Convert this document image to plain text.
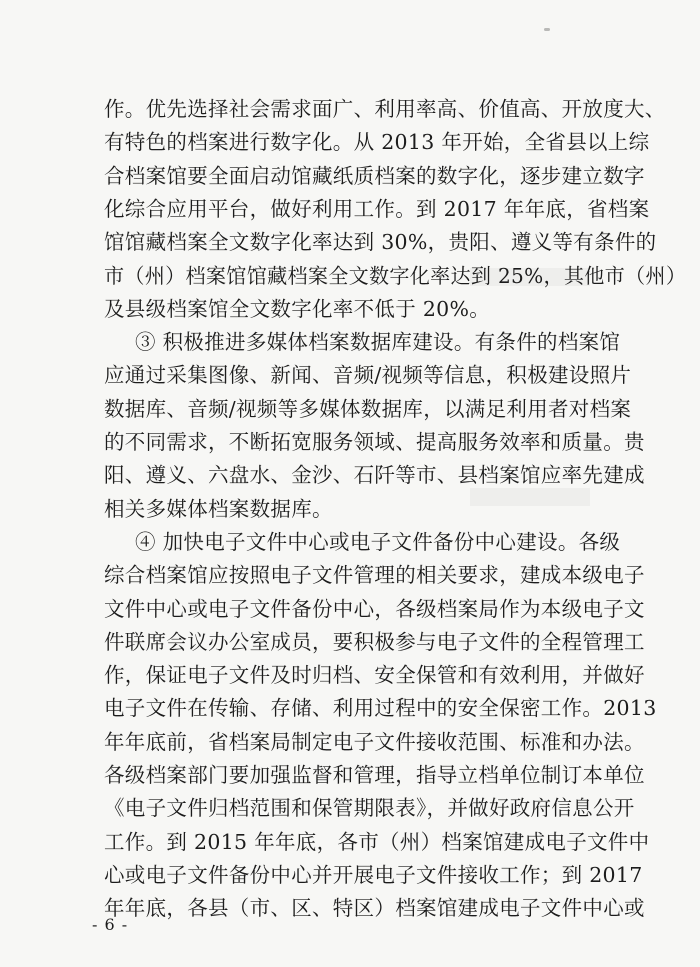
作。优先选择社会需求面广、利用率高、价值高、开放度大、
有特色的档案进行数字化。从 2013 年开始，全省县以上综
合档案馆要全面启动馆藏纸质档案的数字化，逐步建立数字
化综合应用平台，做好利用工作。到 2017 年年底，省档案
馆馆藏档案全文数字化率达到 30%，贵阳、遵义等有条件的
市（州）档案馆馆藏档案全文数字化率达到 25%，其他市（州）
及县级档案馆全文数字化率不低于 20%。
③ 积极推进多媒体档案数据库建设。有条件的档案馆
应通过采集图像、新闻、音频/视频等信息，积极建设照片
数据库、音频/视频等多媒体数据库，以满足利用者对档案
的不同需求，不断拓宽服务领域、提高服务效率和质量。贵
阳、遵义、六盘水、金沙、石阡等市、县档案馆应率先建成
相关多媒体档案数据库。
④ 加快电子文件中心或电子文件备份中心建设。各级
综合档案馆应按照电子文件管理的相关要求，建成本级电子
文件中心或电子文件备份中心，各级档案局作为本级电子文
件联席会议办公室成员，要积极参与电子文件的全程管理工
作，保证电子文件及时归档、安全保管和有效利用，并做好
电子文件在传输、存储、利用过程中的安全保密工作。2013
年年底前，省档案局制定电子文件接收范围、标准和办法。
各级档案部门要加强监督和管理，指导立档单位制订本单位
《电子文件归档范围和保管期限表》，并做好政府信息公开
工作。到 2015 年年底，各市（州）档案馆建成电子文件中
心或电子文件备份中心并开展电子文件接收工作；到 2017
年年底，各县（市、区、特区）档案馆建成电子文件中心或
- 6 -
